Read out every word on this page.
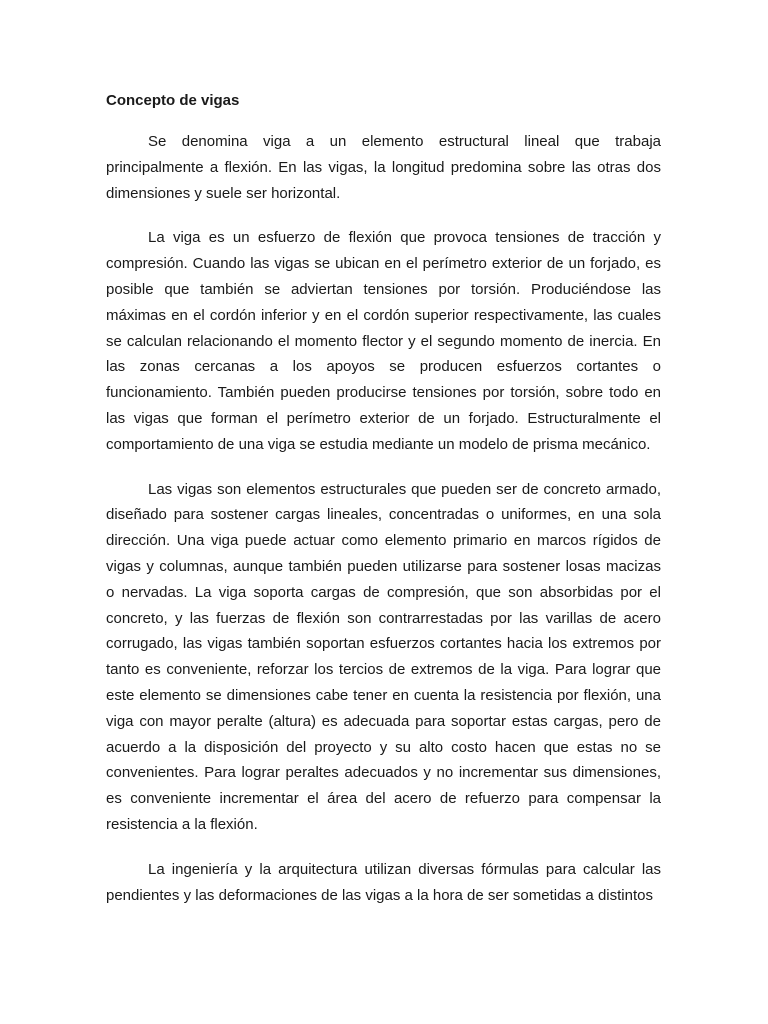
Concepto de vigas

Se denomina viga a un elemento estructural lineal que trabaja principalmente a flexión. En las vigas, la longitud predomina sobre las otras dos dimensiones y suele ser horizontal.

La viga es un esfuerzo de flexión que provoca tensiones de tracción y compresión. Cuando las vigas se ubican en el perímetro exterior de un forjado, es posible que también se adviertan tensiones por torsión. Produciéndose las máximas en el cordón inferior y en el cordón superior respectivamente, las cuales se calculan relacionando el momento flector y el segundo momento de inercia. En las zonas cercanas a los apoyos se producen esfuerzos cortantes o funcionamiento. También pueden producirse tensiones por torsión, sobre todo en las vigas que forman el perímetro exterior de un forjado. Estructuralmente el comportamiento de una viga se estudia mediante un modelo de prisma mecánico.

Las vigas son elementos estructurales que pueden ser de concreto armado, diseñado para sostener cargas lineales, concentradas o uniformes, en una sola dirección. Una viga puede actuar como elemento primario en marcos rígidos de vigas y columnas, aunque también pueden utilizarse para sostener losas macizas o nervadas. La viga soporta cargas de compresión, que son absorbidas por el concreto, y las fuerzas de flexión son contrarrestadas por las varillas de acero corrugado, las vigas también soportan esfuerzos cortantes hacia los extremos por tanto es conveniente, reforzar los tercios de extremos de la viga. Para lograr que este elemento se dimensiones cabe tener en cuenta la resistencia por flexión, una viga con mayor peralte (altura) es adecuada para soportar estas cargas, pero de acuerdo a la disposición del proyecto y su alto costo hacen que estas no se convenientes. Para lograr peraltes adecuados y no incrementar sus dimensiones, es conveniente incrementar el área del acero de refuerzo para compensar la resistencia a la flexión.

La ingeniería y la arquitectura utilizan diversas fórmulas para calcular las pendientes y las deformaciones de las vigas a la hora de ser sometidas a distintos
